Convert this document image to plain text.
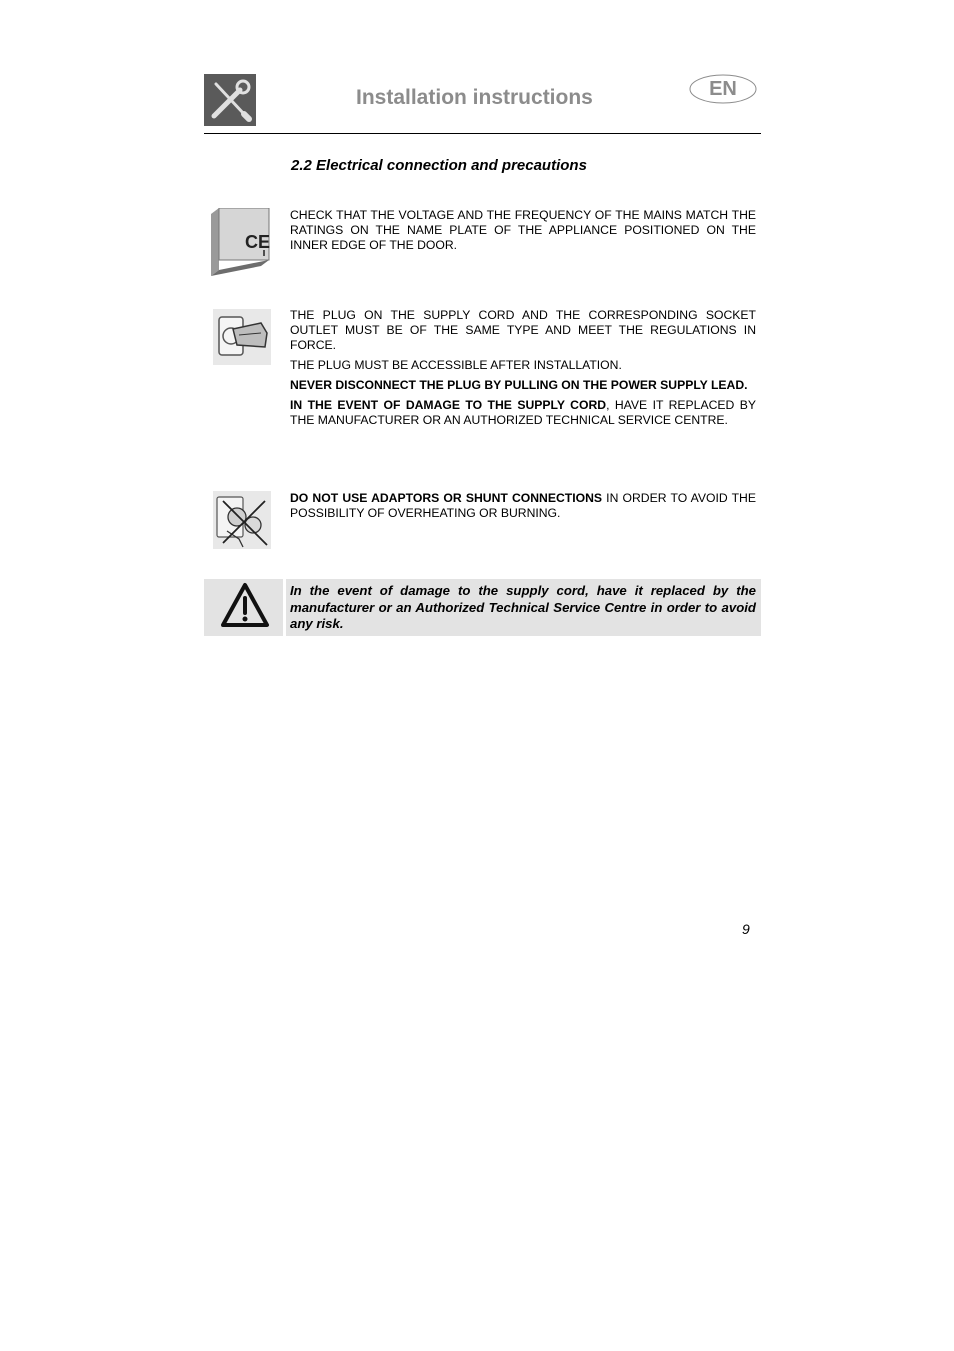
Installation instructions	EN
2.2 Electrical connection and precautions
CE
CHECK THAT THE VOLTAGE AND THE FREQUENCY OF THE MAINS MATCH THE RATINGS ON THE NAME PLATE OF THE APPLIANCE POSITIONED ON THE INNER EDGE OF THE DOOR.

THE PLUG ON THE SUPPLY CORD AND THE CORRESPONDING SOCKET OUTLET MUST BE OF THE SAME TYPE AND MEET THE REGULATIONS IN FORCE.

THE PLUG MUST BE ACCESSIBLE AFTER INSTALLATION.

NEVER DISCONNECT THE PLUG BY PULLING ON THE POWER SUPPLY LEAD.

IN THE EVENT OF DAMAGE TO THE SUPPLY CORD, HAVE IT REPLACED BY THE MANUFACTURER OR AN AUTHORIZED TECHNICAL SERVICE CENTRE.

DO NOT USE ADAPTORS OR SHUNT CONNECTIONS IN ORDER TO AVOID THE POSSIBILITY OF OVERHEATING OR BURNING.
In the event of damage to the supply cord, have it replaced by the manufacturer or an Authorized Technical Service Centre in order to avoid any risk.
9
